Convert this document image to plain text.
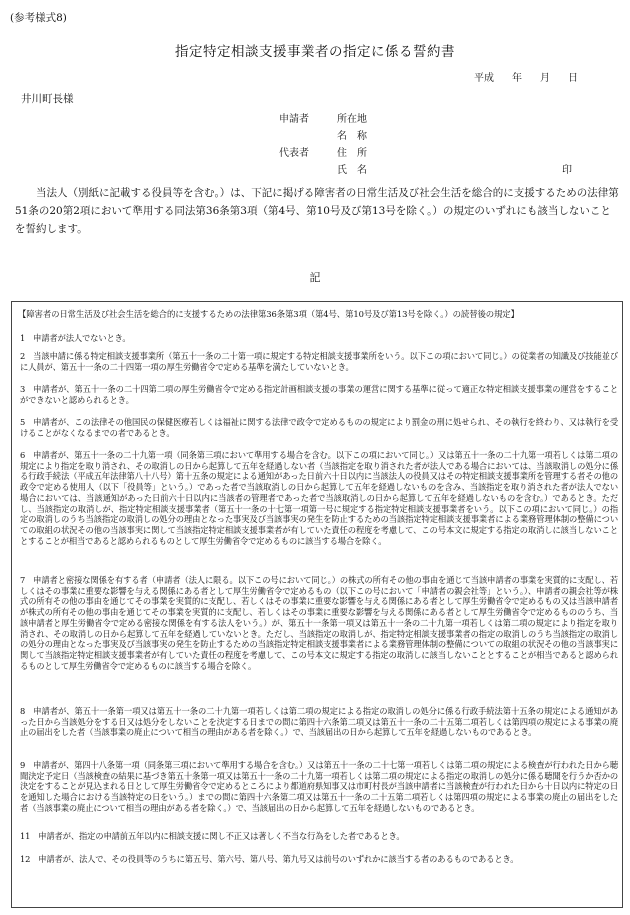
(参考様式8)
指定特定相談支援事業者の指定に係る誓約書
平成 年 月 日
井川町長様
申請者	所在地
名　称
代表者	住　所
氏　名	印
当法人（別紙に記載する役員等を含む。）は、下記に掲げる障害者の日常生活及び社会生活を総合的に支援するための法律第51条の20第2項において準用する同法第36条第3項（第4号、第10号及び第13号を除く。）の規定のいずれにも該当しないことを誓約します。
記
【障害者の日常生活及び社会生活を総合的に支援するための法律第36条第3項（第4号、第10号及び第13号を除く。）の読替後の規定】
1 申請者が法人でないとき。
2 当該申請に係る特定相談支援事業所（第五十一条の二十第一項に規定する特定相談支援事業所をいう。以下この項において同じ。）の従業者の知識及び技能並びに人員が、第五十一条の二十四第一項の厚生労働省令で定める基準を満たしていないとき。
3 申請者が、第五十一条の二十四第二項の厚生労働省令で定める指定計画相談支援の事業の運営に関する基準に従って適正な特定相談支援事業の運営をすることができないと認められるとき。
5 申請者が、この法律その他国民の保健医療若しくは福祉に関する法律で政令で定めるものの規定により罰金の刑に処せられ、その執行を終わり、又は執行を受けることがなくなるまでの者であるとき。
6 申請者が、第五十一条の二十九第一項（同条第三項において準用する場合を含む。以下この項において同じ。）又は第五十一条の二十九第一項若しくは第二項の規定により指定を取り消され、その取消しの日から起算して五年を経過しない者（当該指定を取り消された者が法人である場合においては、当該取消しの処分に係る行政手続法（平成五年法律第八十八号）第十五条の規定による通知があった日前六十日以内に当該法人の役員又はその特定相談支援事業所を管理する者その他の政令で定める使用人（以下「役員等」という。）であった者で当該取消しの日から起算して五年を経過しないものを含み、当該指定を取り消された者が法人でない場合においては、当該通知があった日前六十日以内に当該者の管理者であった者で当該取消しの日から起算して五年を経過しないものを含む。）であるとき。ただし、当該指定の取消しが、指定特定相談支援事業者（第五十一条の十七第一項第一号に規定する指定特定相談支援事業者をいう。以下この項において同じ。）の指定の取消しのうち当該指定の取消しの処分の理由となった事実及び当該事実の発生を防止するための当該指定特定相談支援事業者による業務管理体制の整備についての取組の状況その他の当該事実に関して当該指定特定相談支援事業者が有していた責任の程度を考慮して、この号本文に規定する指定の取消しに該当しないこととすることが相当であると認められるものとして厚生労働省令で定めるものに該当する場合を除く。
7 申請者と密接な関係を有する者（申請者（法人に限る。以下この号において同じ。）の株式の所有その他の事由を通じて当該申請者の事業を実質的に支配し、若しくはその事業に重要な影響を与える関係にある者として厚生労働省令で定めるもの（以下この号において「申請者の親会社等」という。）、申請者の親会社等が株式の所有その他の事由を通じてその事業を実質的に支配し、若しくはその事業に重要な影響を与える関係にある者として厚生労働省令で定めるもの又は当該申請者が株式の所有その他の事由を通じてその事業を実質的に支配し、若しくはその事業に重要な影響を与える関係にある者として厚生労働省令で定めるもののうち、当該申請者と厚生労働省令で定める密接な関係を有する法人をいう。）が、第五十一条第一項又は第五十一条の二十九第一項若しくは第二項の規定により指定を取り消され、その取消しの日から起算して五年を経過していないとき。ただし、当該指定の取消しが、指定特定相談支援事業者の指定の取消しのうち当該指定の取消しの処分の理由となった事実及び当該事実の発生を防止するための当該指定特定相談支援事業者による業務管理体制の整備についての取組の状況その他の当該事実に関して当該指定特定相談支援事業者が有していた責任の程度を考慮して、この号本文に規定する指定の取消しに該当しないこととすることが相当であると認められるものとして厚生労働省令で定めるものに該当する場合を除く。
8 申請者が、第五十一条第一項又は第五十一条の二十九第一項若しくは第二項の規定による指定の取消しの処分に係る行政手続法第十五条の規定による通知があった日から当該処分をする日又は処分をしないことを決定する日までの間に第四十六条第二項又は第五十一条の二十五第二項若しくは第四項の規定による事業の廃止の届出をした者（当該事業の廃止について相当の理由がある者を除く。）で、当該届出の日から起算して五年を経過しないものであるとき。
9 申請者が、第四十八条第一項（同条第三項において準用する場合を含む。）又は第五十一条の二十七第一項若しくは第二項の規定による検査が行われた日から聴聞決定予定日（当該検査の結果に基づき第五十条第一項又は第五十一条の二十九第一項若しくは第二項の規定による指定の取消しの処分に係る聴聞を行うか否かの決定をすることが見込まれる日として厚生労働省令で定めるところにより都道府県知事又は市町村長が当該申請者に当該検査が行われた日から十日以内に特定の日を通知した場合における当該特定の日をいう。）までの間に第四十六条第二項又は第五十一条の二十五第二項若しくは第四項の規定による事業の廃止の届出をした者（当該事業の廃止について相当の理由がある者を除く。）で、当該届出の日から起算して五年を経過しないものであるとき。
11 申請者が、指定の申請前五年以内に相談支援に関し不正又は著しく不当な行為をした者であるとき。
12 申請者が、法人で、その役員等のうちに第五号、第六号、第八号、第九号又は前号のいずれかに該当する者のあるものであるとき。
